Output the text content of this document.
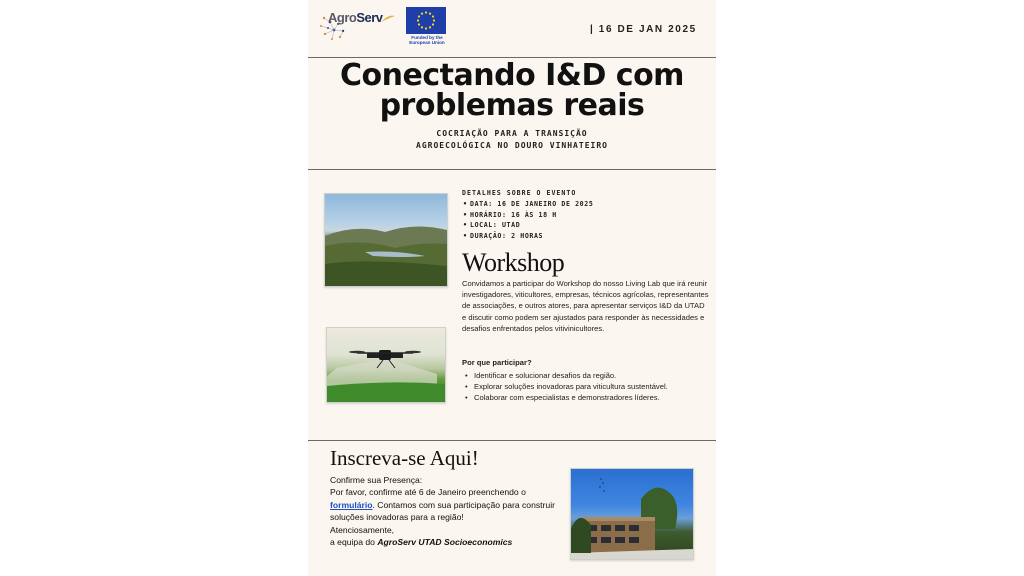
AgroServ
Funded by the European Union
| 16 DE JAN 2025
Conectando I&D com
problemas reais
COCRIAÇÃO PARA A TRANSIÇÃO
AGROECOLÓGICA NO DOURO VINHATEIRO
DETALHES SOBRE O EVENTO
• DATA: 16 DE JANEIRO DE 2025
• HORÁRIO: 16 ÀS 18 H
• LOCAL: UTAD
• DURAÇÃO: 2 HORAS
Workshop
Convidamos a participar do Workshop do nosso Living Lab que irá reunir investigadores, viticultores, empresas, técnicos agrícolas, representantes de associações, e outros atores, para apresentar serviços I&D da UTAD e discutir como podem ser ajustados para responder às necessidades e desafios enfrentados pelos vitivinicultores.
Por que participar?
• Identificar e solucionar desafios da região.
• Explorar soluções inovadoras para viticultura sustentável.
• Colaborar com especialistas e demonstradores líderes.
Inscreva-se Aqui!
Confirme sua Presença:
Por favor, confirme até 6 de Janeiro preenchendo o formulário. Contamos com sua participação para construir soluções inovadoras para a região!
Atenciosamente,
a equipa do AgroServ UTAD Socioeconomics
